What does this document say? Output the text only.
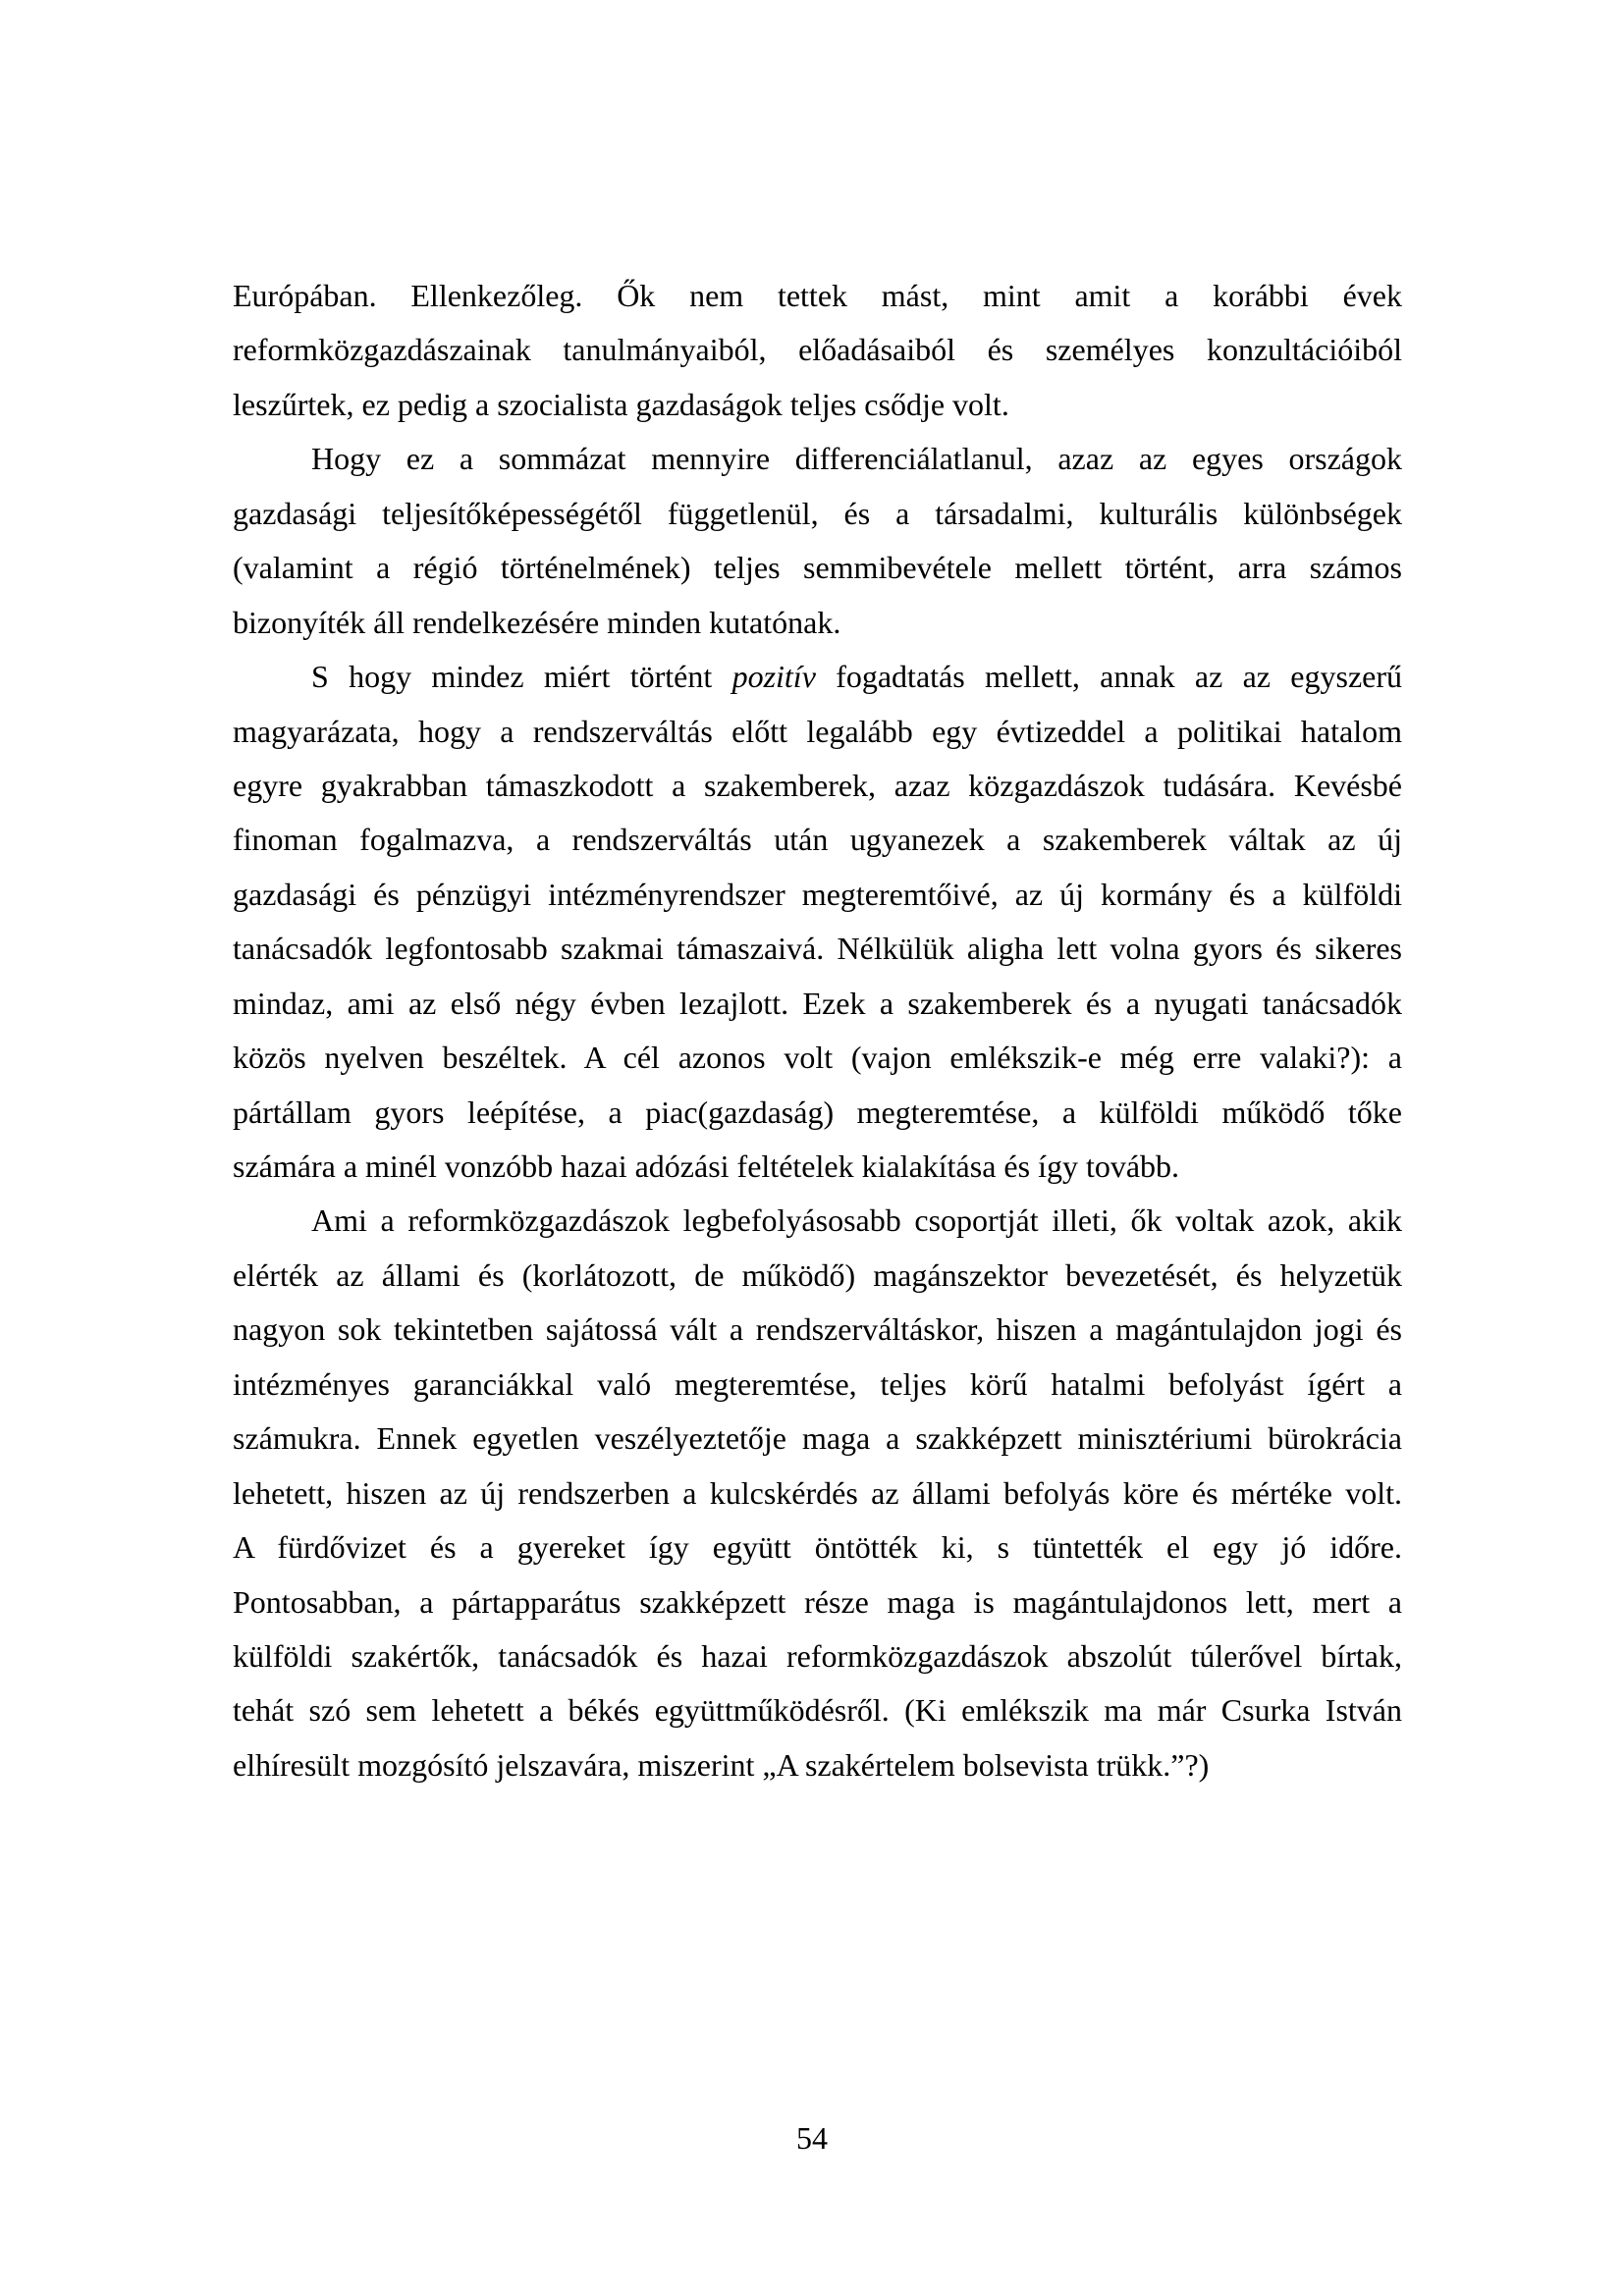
Európában. Ellenkezőleg. Ők nem tettek mást, mint amit a korábbi évek
reformközgazdászainak tanulmányaiból, előadásaiból és személyes konzultációiból
leszűrtek, ez pedig a szocialista gazdaságok teljes csődje volt.
Hogy ez a sommázat mennyire differenciálatlanul, azaz az egyes országok
gazdasági teljesítőképességétől függetlenül, és a társadalmi, kulturális különbségek
(valamint a régió történelmének) teljes semmibevétele mellett történt, arra számos
bizonyíték áll rendelkezésére minden kutatónak.
S hogy mindez miért történt pozitív fogadtatás mellett, annak az az egyszerű
magyarázata, hogy a rendszerváltás előtt legalább egy évtizeddel a politikai hatalom
egyre gyakrabban támaszkodott a szakemberek, azaz közgazdászok tudására. Kevésbé
finoman fogalmazva, a rendszerváltás után ugyanezek a szakemberek váltak az új
gazdasági és pénzügyi intézményrendszer megteremtőivé, az új kormány és a külföldi
tanácsadók legfontosabb szakmai támaszaivá. Nélkülük aligha lett volna gyors és sikeres
mindaz, ami az első négy évben lezajlott. Ezek a szakemberek és a nyugati tanácsadók
közös nyelven beszéltek. A cél azonos volt (vajon emlékszik-e még erre valaki?): a
pártállam gyors leépítése, a piac(gazdaság) megteremtése, a külföldi működő tőke
számára a minél vonzóbb hazai adózási feltételek kialakítása és így tovább.
Ami a reformközgazdászok legbefolyásosabb csoportját illeti, ők voltak azok, akik
elérték az állami és (korlátozott, de működő) magánszektor bevezetését, és helyzetük
nagyon sok tekintetben sajátossá vált a rendszerváltáskor, hiszen a magántulajdon jogi és
intézményes garanciákkal való megteremtése, teljes körű hatalmi befolyást ígért a
számukra. Ennek egyetlen veszélyeztetője maga a szakképzett minisztériumi bürokrácia
lehetett, hiszen az új rendszerben a kulcskérdés az állami befolyás köre és mértéke volt.
A fürdővizet és a gyereket így együtt öntötték ki, s tüntették el egy jó időre.
Pontosabban, a pártapparátus szakképzett része maga is magántulajdonos lett, mert a
külföldi szakértők, tanácsadók és hazai reformközgazdászok abszolút túlerővel bírtak,
tehát szó sem lehetett a békés együttműködésről. (Ki emlékszik ma már Csurka István
elhíresült mozgósító jelszavára, miszerint „A szakértelem bolsevista trükk.”?)
54
